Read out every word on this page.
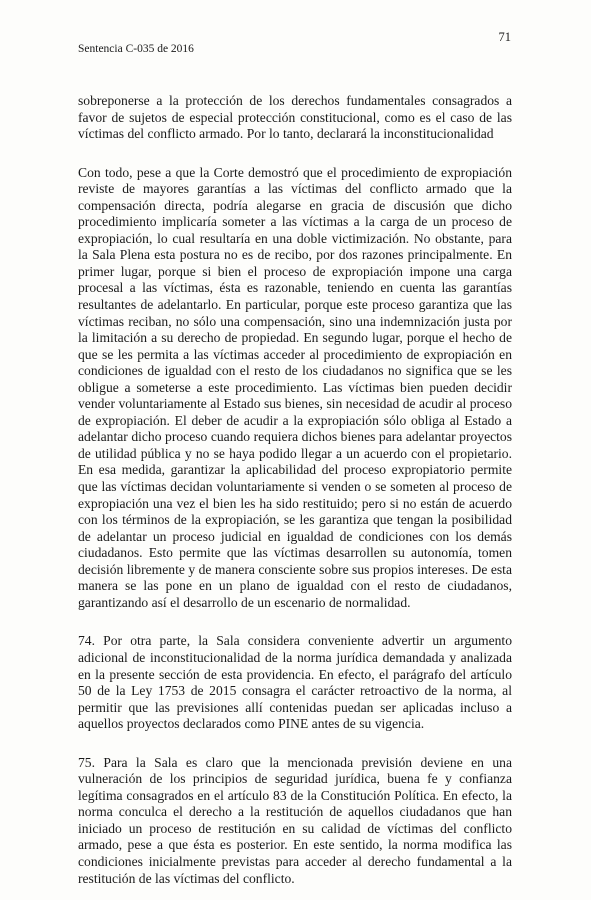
71
Sentencia C-035 de 2016

sobreponerse a la protección de los derechos fundamentales consagrados a favor de sujetos de especial protección constitucional, como es el caso de las víctimas del conflicto armado. Por lo tanto, declarará la inconstitucionalidad

Con todo, pese a que la Corte demostró que el procedimiento de expropiación reviste de mayores garantías a las víctimas del conflicto armado que la compensación directa, podría alegarse en gracia de discusión que dicho procedimiento implicaría someter a las víctimas a la carga de un proceso de expropiación, lo cual resultaría en una doble victimización. No obstante, para la Sala Plena esta postura no es de recibo, por dos razones principalmente. En primer lugar, porque si bien el proceso de expropiación impone una carga procesal a las víctimas, ésta es razonable, teniendo en cuenta las garantías resultantes de adelantarlo. En particular, porque este proceso garantiza que las víctimas reciban, no sólo una compensación, sino una indemnización justa por la limitación a su derecho de propiedad. En segundo lugar, porque el hecho de que se les permita a las víctimas acceder al procedimiento de expropiación en condiciones de igualdad con el resto de los ciudadanos no significa que se les obligue a someterse a este procedimiento. Las víctimas bien pueden decidir vender voluntariamente al Estado sus bienes, sin necesidad de acudir al proceso de expropiación. El deber de acudir a la expropiación sólo obliga al Estado a adelantar dicho proceso cuando requiera dichos bienes para adelantar proyectos de utilidad pública y no se haya podido llegar a un acuerdo con el propietario. En esa medida, garantizar la aplicabilidad del proceso expropiatorio permite que las víctimas decidan voluntariamente si venden o se someten al proceso de expropiación una vez el bien les ha sido restituido; pero si no están de acuerdo con los términos de la expropiación, se les garantiza que tengan la posibilidad de adelantar un proceso judicial en igualdad de condiciones con los demás ciudadanos. Esto permite que las víctimas desarrollen su autonomía, tomen decisión libremente y de manera consciente sobre sus propios intereses. De esta manera se las pone en un plano de igualdad con el resto de ciudadanos, garantizando así el desarrollo de un escenario de normalidad.

74. Por otra parte, la Sala considera conveniente advertir un argumento adicional de inconstitucionalidad de la norma jurídica demandada y analizada en la presente sección de esta providencia. En efecto, el parágrafo del artículo 50 de la Ley 1753 de 2015 consagra el carácter retroactivo de la norma, al permitir que las previsiones allí contenidas puedan ser aplicadas incluso a aquellos proyectos declarados como PINE antes de su vigencia.

75. Para la Sala es claro que la mencionada previsión deviene en una vulneración de los principios de seguridad jurídica, buena fe y confianza legítima consagrados en el artículo 83 de la Constitución Política. En efecto, la norma conculca el derecho a la restitución de aquellos ciudadanos que han iniciado un proceso de restitución en su calidad de víctimas del conflicto armado, pese a que ésta es posterior. En este sentido, la norma modifica las condiciones inicialmente previstas para acceder al derecho fundamental a la restitución de las víctimas del conflicto.
